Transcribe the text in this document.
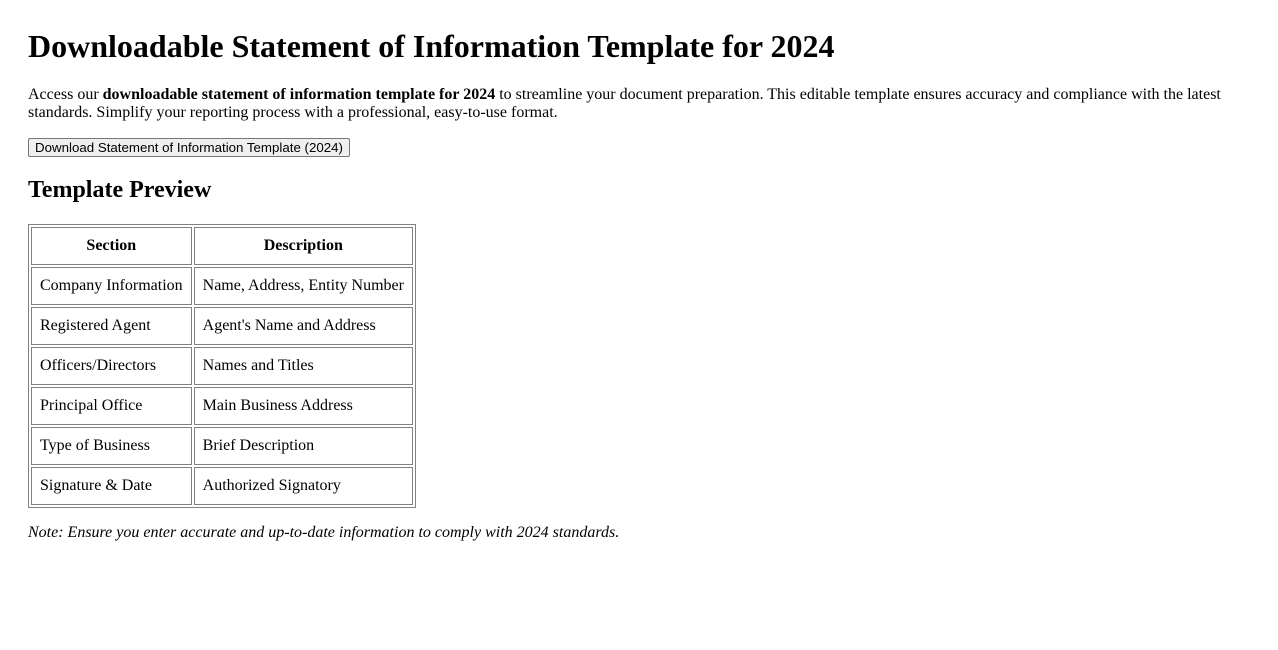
Downloadable Statement of Information Template for 2024

Access our downloadable statement of information template for 2024 to streamline your document preparation. This editable template ensures accuracy and compliance with the latest standards. Simplify your reporting process with a professional, easy-to-use format.

Download Statement of Information Template (2024)
Template Preview
Section	Description
Company Information	Name, Address, Entity Number
Registered Agent	Agent's Name and Address
Officers/Directors	Names and Titles
Principal Office	Main Business Address
Type of Business	Brief Description
Signature & Date	Authorized Signatory

Note: Ensure you enter accurate and up-to-date information to comply with 2024 standards.
